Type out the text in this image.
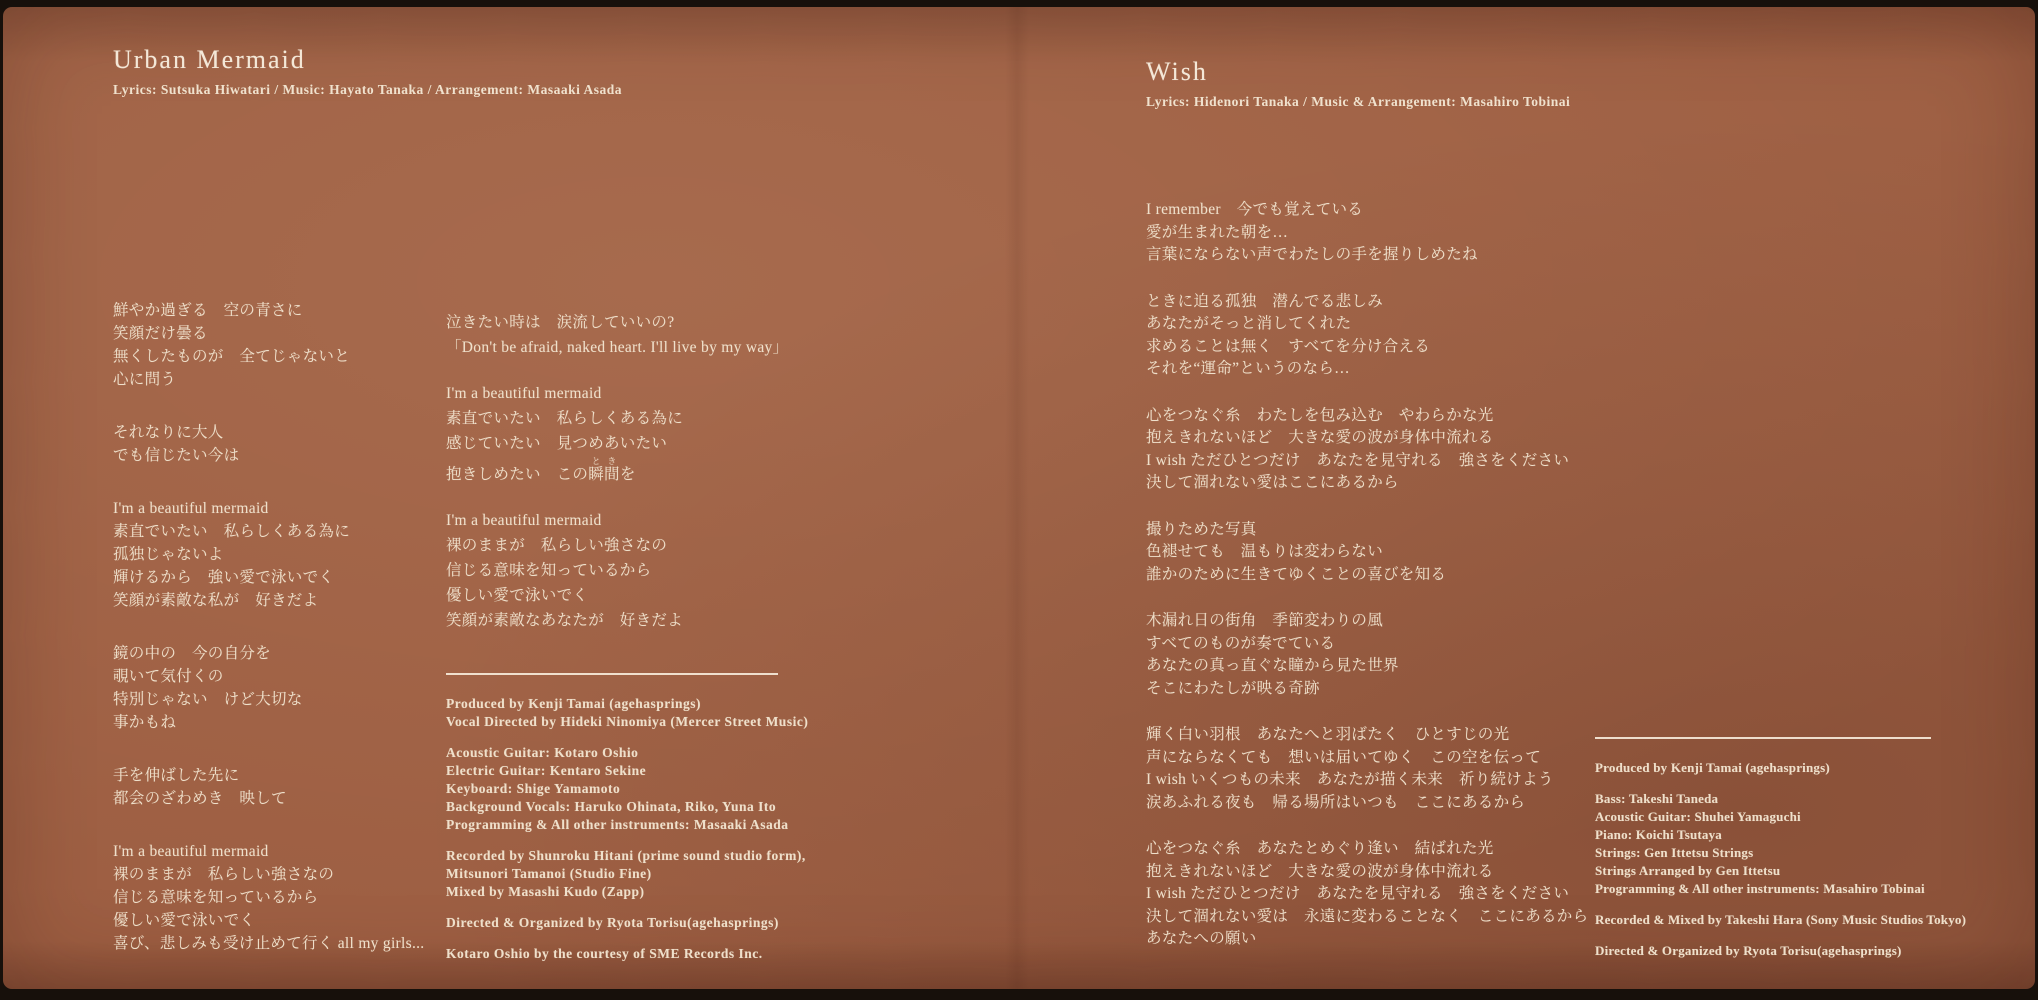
Urban Mermaid
Lyrics: Sutsuka Hiwatari / Music: Hayato Tanaka / Arrangement: Masaaki Asada
鮮やか過ぎる　空の青さに
笑顔だけ曇る
無くしたものが　全てじゃないと
心に問う
それなりに大人
でも信じたい今は
I'm a beautiful mermaid
素直でいたい　私らしくある為に
孤独じゃないよ
輝けるから　強い愛で泳いでく
笑顔が素敵な私が　好きだよ
鏡の中の　今の自分を
覗いて気付くの
特別じゃない　けど大切な
事かもね
手を伸ばした先に
都会のざわめき　映して
I'm a beautiful mermaid
裸のままが　私らしい強さなの
信じる意味を知っているから
優しい愛で泳いでく
喜び、悲しみも受け止めて行く all my girls...
泣きたい時は　涙流していいの?
「Don't be afraid, naked heart. I'll live by my way」
I'm a beautiful mermaid
素直でいたい　私らしくある為に
感じていたい　見つめあいたい
抱きしめたい　この瞬間ときを
I'm a beautiful mermaid
裸のままが　私らしい強さなの
信じる意味を知っているから
優しい愛で泳いでく
笑顔が素敵なあなたが　好きだよ
Produced by Kenji Tamai (agehasprings)
Vocal Directed by Hideki Ninomiya (Mercer Street Music)
Acoustic Guitar: Kotaro Oshio
Electric Guitar: Kentaro Sekine
Keyboard: Shige Yamamoto
Background Vocals: Haruko Ohinata, Riko, Yuna Ito
Programming & All other instruments: Masaaki Asada
Recorded by Shunroku Hitani (prime sound studio form),
Mitsunori Tamanoi (Studio Fine)
Mixed by Masashi Kudo (Zapp)
Directed & Organized by Ryota Torisu(agehasprings)
Kotaro Oshio by the courtesy of SME Records Inc.
Wish
Lyrics: Hidenori Tanaka / Music & Arrangement: Masahiro Tobinai
I remember　今でも覚えている
愛が生まれた朝を…
言葉にならない声でわたしの手を握りしめたね
ときに迫る孤独　潜んでる悲しみ
あなたがそっと消してくれた
求めることは無く　すべてを分け合える
それを“運命”というのなら…
心をつなぐ糸　わたしを包み込む　やわらかな光
抱えきれないほど　大きな愛の波が身体中流れる
I wish ただひとつだけ　あなたを見守れる　強さをください
決して涸れない愛はここにあるから
撮りためた写真
色褪せても　温もりは変わらない
誰かのために生きてゆくことの喜びを知る
木漏れ日の街角　季節変わりの風
すべてのものが奏でている
あなたの真っ直ぐな瞳から見た世界
そこにわたしが映る奇跡
輝く白い羽根　あなたへと羽ばたく　ひとすじの光
声にならなくても　想いは届いてゆく　この空を伝って
I wish いくつもの未来　あなたが描く未来　祈り続けよう
涙あふれる夜も　帰る場所はいつも　ここにあるから
心をつなぐ糸　あなたとめぐり逢い　結ばれた光
抱えきれないほど　大きな愛の波が身体中流れる
I wish ただひとつだけ　あなたを見守れる　強さをください
決して涸れない愛は　永遠に変わることなく　ここにあるから
あなたへの願い
Produced by Kenji Tamai (agehasprings)
Bass: Takeshi Taneda
Acoustic Guitar: Shuhei Yamaguchi
Piano: Koichi Tsutaya
Strings: Gen Ittetsu Strings
Strings Arranged by Gen Ittetsu
Programming & All other instruments: Masahiro Tobinai
Recorded & Mixed by Takeshi Hara (Sony Music Studios Tokyo)
Directed & Organized by Ryota Torisu(agehasprings)
